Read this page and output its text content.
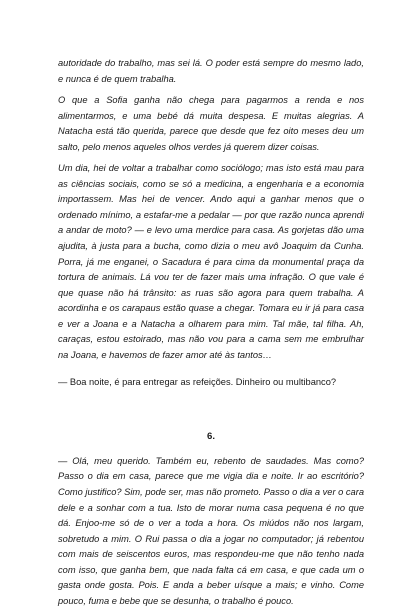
autoridade do trabalho, mas sei lá. O poder está sempre do mesmo lado, e nunca é de quem trabalha.

O que a Sofia ganha não chega para pagarmos a renda e nos alimentarmos, e uma bebé dá muita despesa. E muitas alegrias. A Natacha está tão querida, parece que desde que fez oito meses deu um salto, pelo menos aqueles olhos verdes já querem dizer coisas.

Um dia, hei de voltar a trabalhar como sociólogo; mas isto está mau para as ciências sociais, como se só a medicina, a engenharia e a economia importassem. Mas hei de vencer. Ando aqui a ganhar menos que o ordenado mínimo, a estafar-me a pedalar — por que razão nunca aprendi a andar de moto? — e levo uma merdice para casa. As gorjetas dão uma ajudita, à justa para a bucha, como dizia o meu avô Joaquim da Cunha. Porra, já me enganei, o Sacadura é para cima da monumental praça da tortura de animais. Lá vou ter de fazer mais uma infração. O que vale é que quase não há trânsito: as ruas são agora para quem trabalha. A acordinha e os carapaus estão quase a chegar. Tomara eu ir já para casa e ver a Joana e a Natacha a olharem para mim. Tal mãe, tal filha. Ah, caraças, estou estoirado, mas não vou para a cama sem me embrulhar na Joana, e havemos de fazer amor até às tantos…

— Boa noite, é para entregar as refeições. Dinheiro ou multibanco?

6.

— Olá, meu querido. Também eu, rebento de saudades. Mas como? Passo o dia em casa, parece que me vigia dia e noite. Ir ao escritório? Como justifico? Sim, pode ser, mas não prometo. Passo o dia a ver o cara dele e a sonhar com a tua. Isto de morar numa casa pequena é no que dá. Enjoo-me só de o ver a toda a hora. Os miúdos não nos largam, sobretudo a mim. O Rui passa o dia a jogar no computador; já rebentou com mais de seiscentos euros, mas respondeu-me que não tenho nada com isso, que ganha bem, que nada falta cá em casa, e que cada um o gasta onde gosta. Pois. E anda a beber uísque a mais; e vinho. Come pouco, fuma e bebe que se desunha, o trabalho é pouco.
